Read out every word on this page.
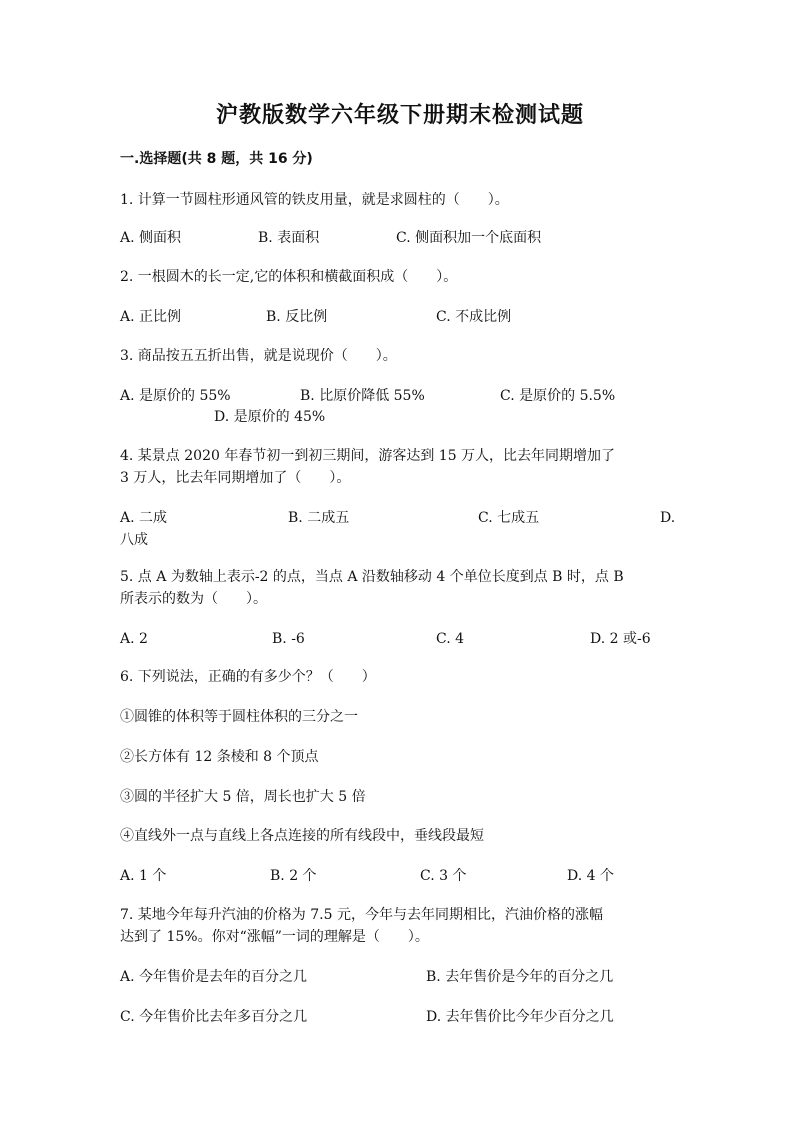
沪教版数学六年级下册期末检测试题
一.选择题(共 8 题，共 16 分)
1. 计算一节圆柱形通风管的铁皮用量，就是求圆柱的（　　）。
A. 侧面积	B. 表面积	C. 侧面积加一个底面积
2. 一根圆木的长一定,它的体积和横截面积成（　　）。
A. 正比例	B. 反比例	C. 不成比例
3. 商品按五五折出售，就是说现价（　　）。
A. 是原价的 55%	B. 比原价降低 55%	C. 是原价的 5.5%
D. 是原价的 45%
4. 某景点 2020 年春节初一到初三期间，游客达到 15 万人，比去年同期增加了
3 万人，比去年同期增加了（　　）。
A. 二成	B. 二成五	C. 七成五	D.
八成
5. 点 A 为数轴上表示-2 的点，当点 A 沿数轴移动 4 个单位长度到点 B 时，点 B
所表示的数为（　　）。
A. 2	B. -6	C. 4	D. 2 或-6
6. 下列说法，正确的有多少个？（　　）
①圆锥的体积等于圆柱体积的三分之一
②长方体有 12 条棱和 8 个顶点
③圆的半径扩大 5 倍，周长也扩大 5 倍
④直线外一点与直线上各点连接的所有线段中，垂线段最短
A. 1 个	B. 2 个	C. 3 个	D. 4 个
7. 某地今年每升汽油的价格为 7.5 元，今年与去年同期相比，汽油价格的涨幅
达到了 15%。你对“涨幅”一词的理解是（　　）。
A. 今年售价是去年的百分之几	B. 去年售价是今年的百分之几
C. 今年售价比去年多百分之几	D. 去年售价比今年少百分之几
